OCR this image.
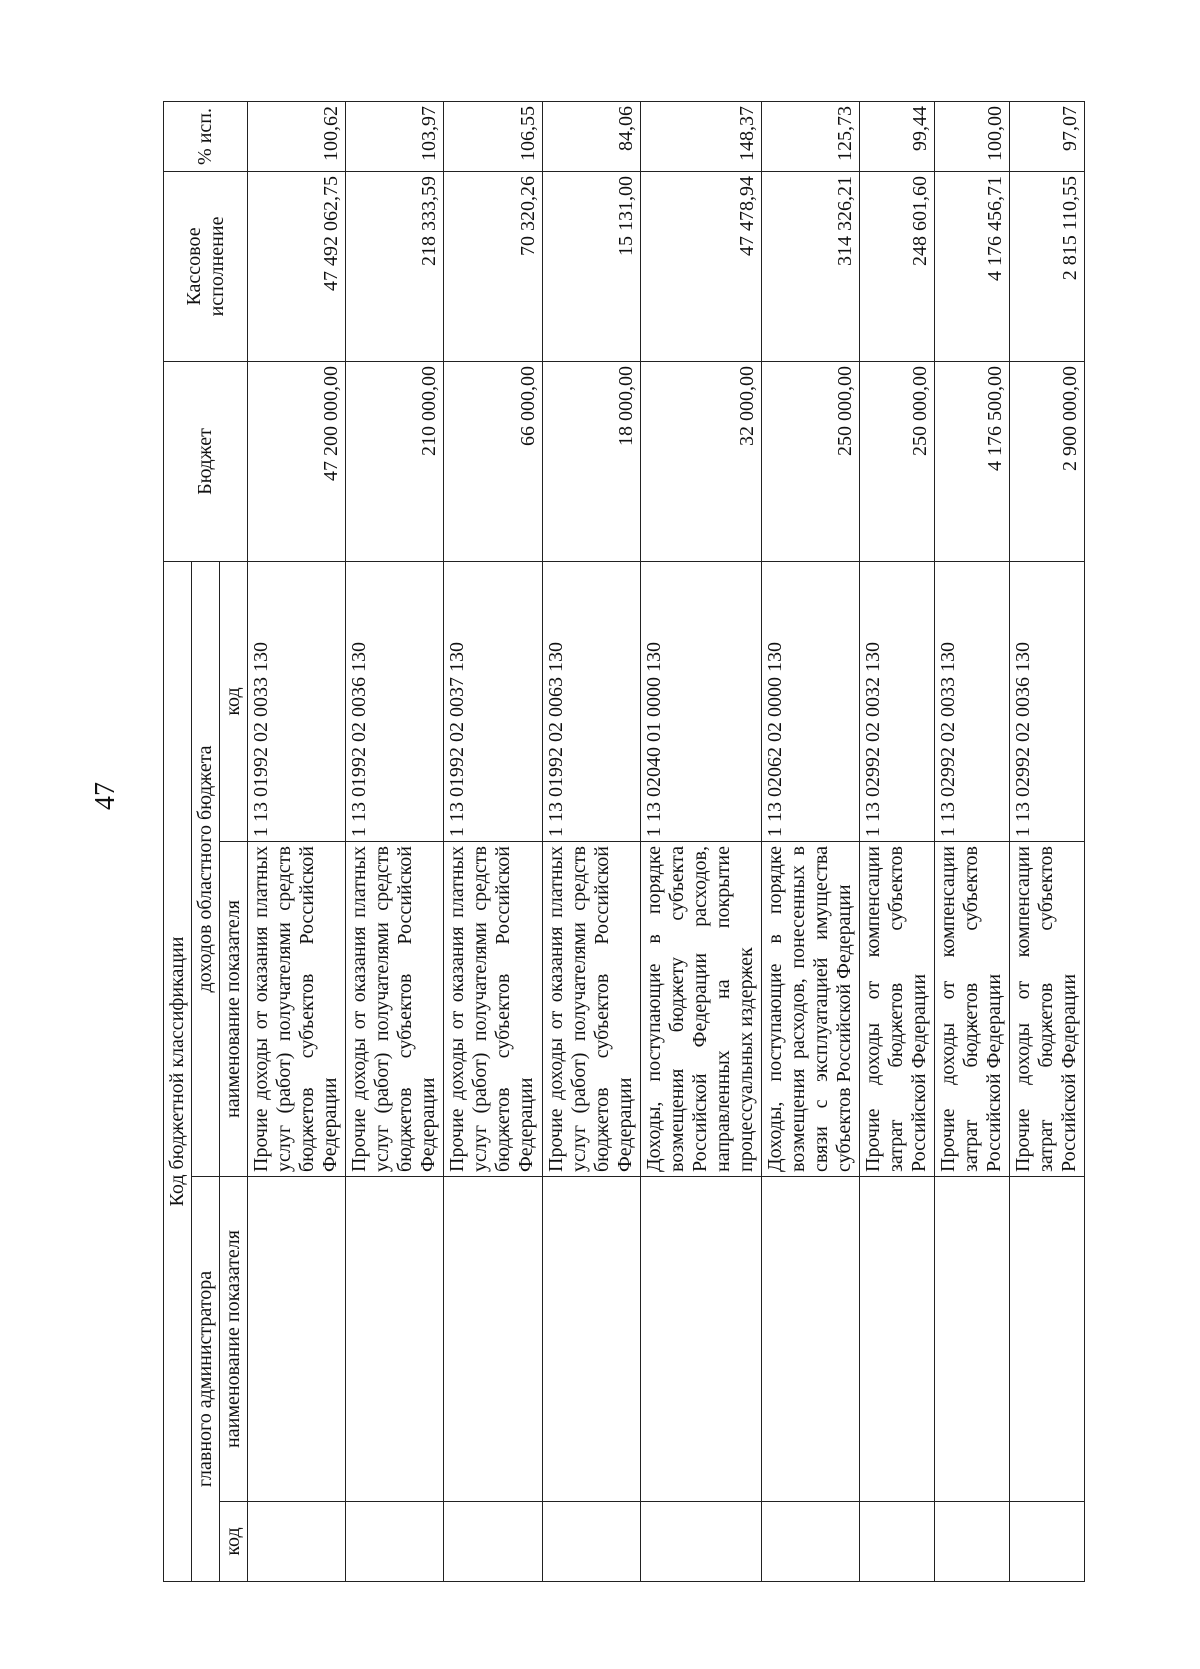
47
Код бюджетной классификации				Бюджет	Кассовое исполнение	% исп.
главного администратора		доходов областного бюджета				
код	наименование показателя	наименование показателя	код			
		Прочие доходы от оказания платных услуг (работ) получателями средств бюджетов субъектов Российской Федерации	1 13 01992 02 0033 130	47 200 000,00	47 492 062,75	100,62
		Прочие доходы от оказания платных услуг (работ) получателями средств бюджетов субъектов Российской Федерации	1 13 01992 02 0036 130	210 000,00	218 333,59	103,97
		Прочие доходы от оказания платных услуг (работ) получателями средств бюджетов субъектов Российской Федерации	1 13 01992 02 0037 130	66 000,00	70 320,26	106,55
		Прочие доходы от оказания платных услуг (работ) получателями средств бюджетов субъектов Российской Федерации	1 13 01992 02 0063 130	18 000,00	15 131,00	84,06
		Доходы, поступающие в порядке возмещения бюджету субъекта Российской Федерации расходов, направленных на покрытие процессуальных издержек	1 13 02040 01 0000 130	32 000,00	47 478,94	148,37
		Доходы, поступающие в порядке возмещения расходов, понесенных в связи с эксплуатацией имущества субъектов Российской Федерации	1 13 02062 02 0000 130	250 000,00	314 326,21	125,73
		Прочие доходы от компенсации затрат бюджетов субъектов Российской Федерации	1 13 02992 02 0032 130	250 000,00	248 601,60	99,44
		Прочие доходы от компенсации затрат бюджетов субъектов Российской Федерации	1 13 02992 02 0033 130	4 176 500,00	4 176 456,71	100,00
		Прочие доходы от компенсации затрат бюджетов субъектов Российской Федерации	1 13 02992 02 0036 130	2 900 000,00	2 815 110,55	97,07
